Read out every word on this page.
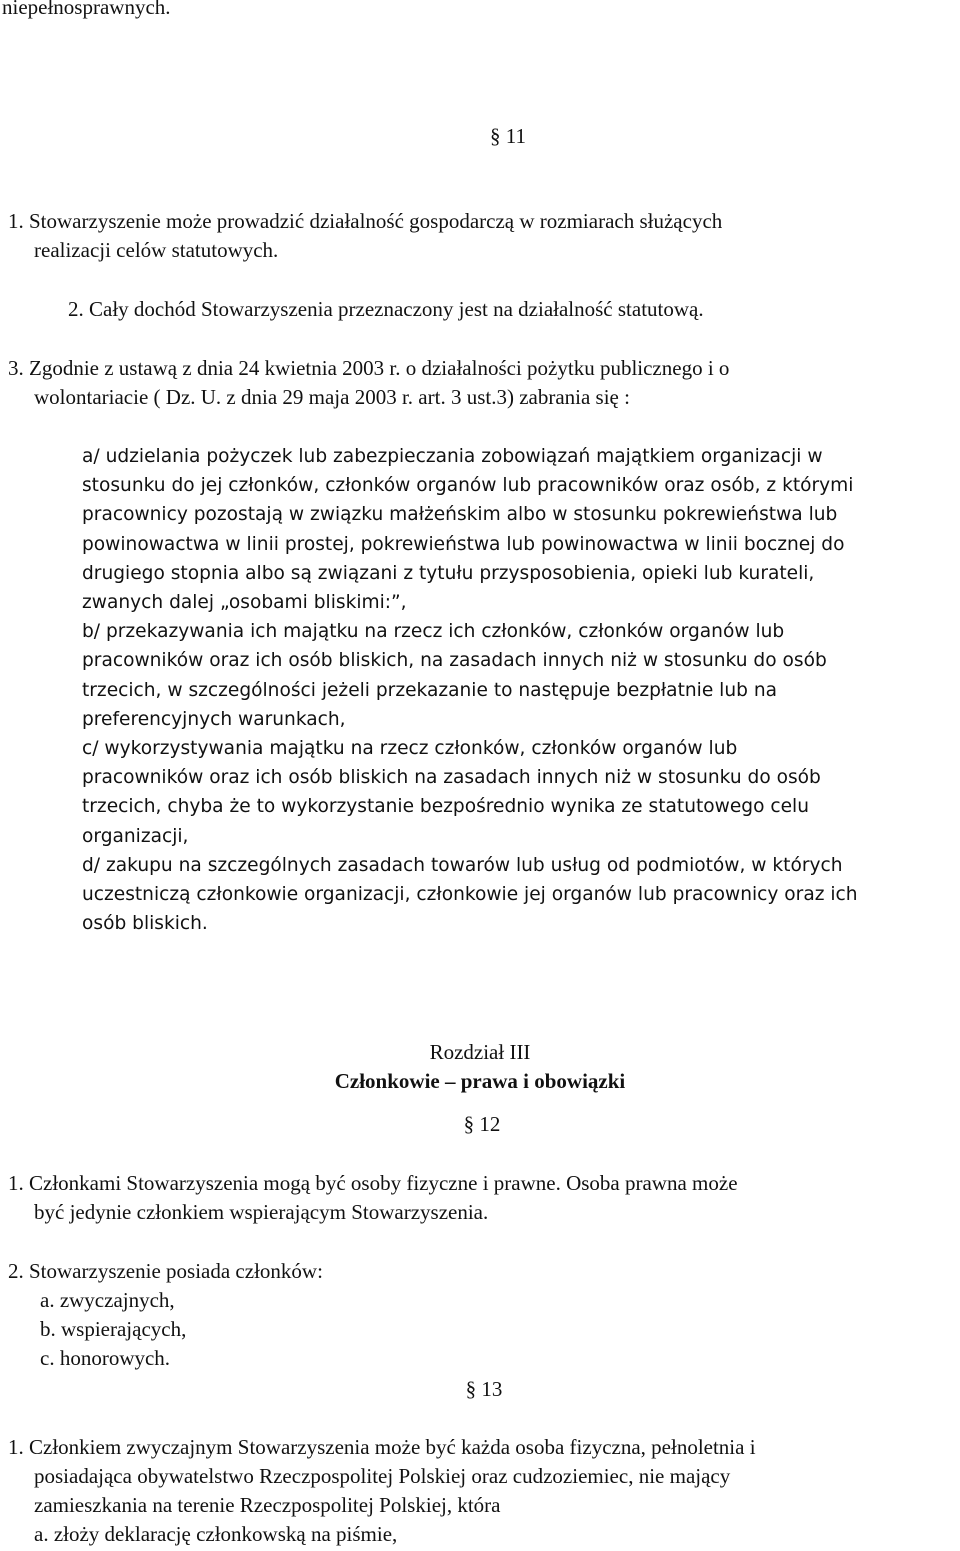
niepełnosprawnych.
§ 11
1. Stowarzyszenie może prowadzić działalność gospodarczą w rozmiarach służących
realizacji celów statutowych.
2. Cały dochód Stowarzyszenia przeznaczony jest na działalność statutową.
3. Zgodnie z ustawą z dnia 24 kwietnia 2003 r. o działalności pożytku publicznego i o
wolontariacie ( Dz. U. z dnia 29 maja 2003 r. art. 3 ust.3) zabrania się :
a/ udzielania pożyczek lub zabezpieczania zobowiązań majątkiem organizacji w
stosunku do jej członków, członków organów lub pracowników oraz osób, z którymi
pracownicy pozostają w związku małżeńskim albo w stosunku pokrewieństwa lub
powinowactwa w linii prostej, pokrewieństwa lub powinowactwa w linii bocznej do
drugiego stopnia albo są związani z tytułu przysposobienia, opieki lub kurateli,
zwanych dalej „osobami bliskimi:”,
b/ przekazywania ich majątku na rzecz ich członków, członków organów lub
pracowników oraz ich osób bliskich, na zasadach innych niż w stosunku do osób
trzecich, w szczególności jeżeli przekazanie to następuje bezpłatnie lub na
preferencyjnych warunkach,
c/ wykorzystywania majątku na rzecz członków, członków organów lub
pracowników oraz ich osób bliskich na zasadach innych niż w stosunku do osób
trzecich, chyba że to wykorzystanie bezpośrednio wynika ze statutowego celu
organizacji,
d/ zakupu na szczególnych zasadach towarów lub usług od podmiotów, w których
uczestniczą członkowie organizacji, członkowie jej organów lub pracownicy oraz ich
osób bliskich.
Rozdział III
Członkowie – prawa i obowiązki
§ 12
1. Członkami Stowarzyszenia mogą być osoby fizyczne i prawne. Osoba prawna może
być jedynie członkiem wspierającym Stowarzyszenia.
2. Stowarzyszenie posiada członków:
a. zwyczajnych,
b. wspierających,
c. honorowych.
§ 13
1. Członkiem zwyczajnym Stowarzyszenia może być każda osoba fizyczna, pełnoletnia i
posiadająca obywatelstwo Rzeczpospolitej Polskiej oraz cudzoziemiec, nie mający
zamieszkania na terenie Rzeczpospolitej Polskiej, która
a. złoży deklarację członkowską na piśmie,
